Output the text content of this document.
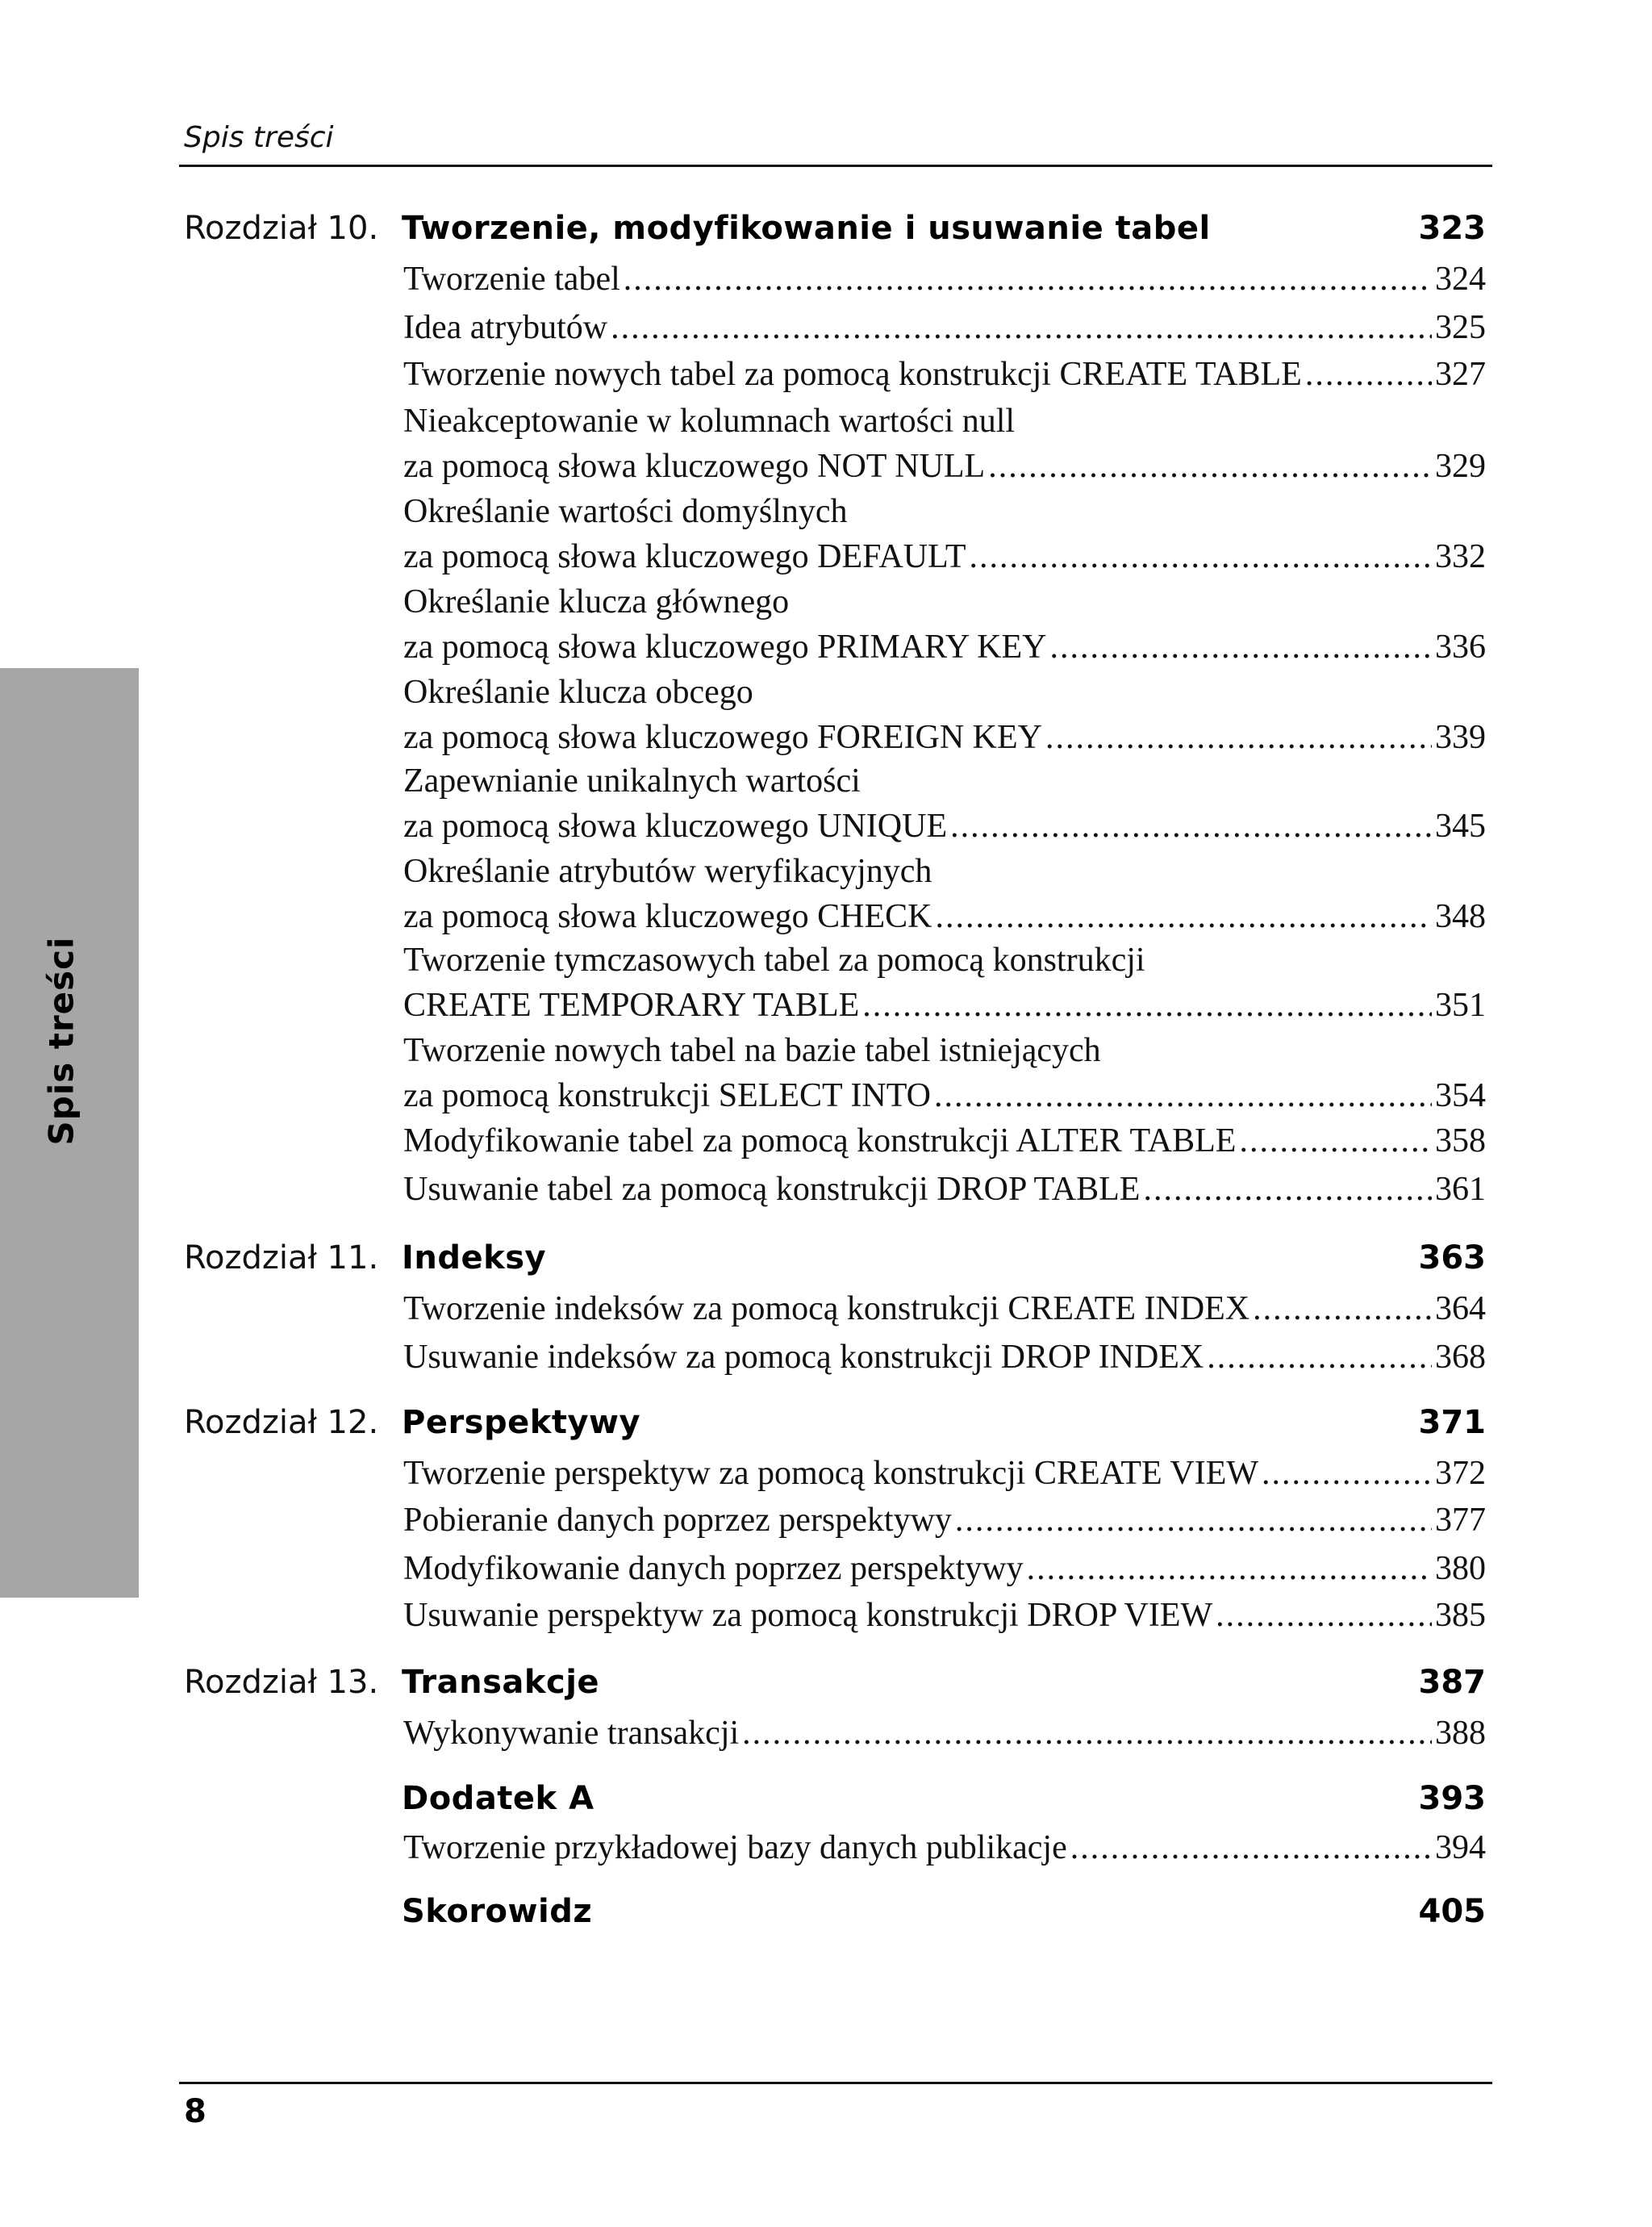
Spis treści
Spis treści
Rozdział 10. Tworzenie, modyfikowanie i usuwanie tabel	323
Tworzenie tabel .....	324
Idea atrybutów .....	325
Tworzenie nowych tabel za pomocą konstrukcji CREATE TABLE .....	327
Nieakceptowanie w kolumnach wartości null
za pomocą słowa kluczowego NOT NULL .....	329
Określanie wartości domyślnych
za pomocą słowa kluczowego DEFAULT .....	332
Określanie klucza głównego
za pomocą słowa kluczowego PRIMARY KEY .....	336
Określanie klucza obcego
za pomocą słowa kluczowego FOREIGN KEY .....	339
Zapewnianie unikalnych wartości
za pomocą słowa kluczowego UNIQUE .....	345
Określanie atrybutów weryfikacyjnych
za pomocą słowa kluczowego CHECK .....	348
Tworzenie tymczasowych tabel za pomocą konstrukcji
CREATE TEMPORARY TABLE .....	351
Tworzenie nowych tabel na bazie tabel istniejących
za pomocą konstrukcji SELECT INTO .....	354
Modyfikowanie tabel za pomocą konstrukcji ALTER TABLE .....	358
Usuwanie tabel za pomocą konstrukcji DROP TABLE .....	361
Rozdział 11. Indeksy	363
Tworzenie indeksów za pomocą konstrukcji CREATE INDEX .....	364
Usuwanie indeksów za pomocą konstrukcji DROP INDEX .....	368
Rozdział 12. Perspektywy	371
Tworzenie perspektyw za pomocą konstrukcji CREATE VIEW .....	372
Pobieranie danych poprzez perspektywy .....	377
Modyfikowanie danych poprzez perspektywy .....	380
Usuwanie perspektyw za pomocą konstrukcji DROP VIEW .....	385
Rozdział 13. Transakcje	387
Wykonywanie transakcji .....	388
Dodatek A	393
Tworzenie przykładowej bazy danych publikacje .....	394
Skorowidz	405
8
